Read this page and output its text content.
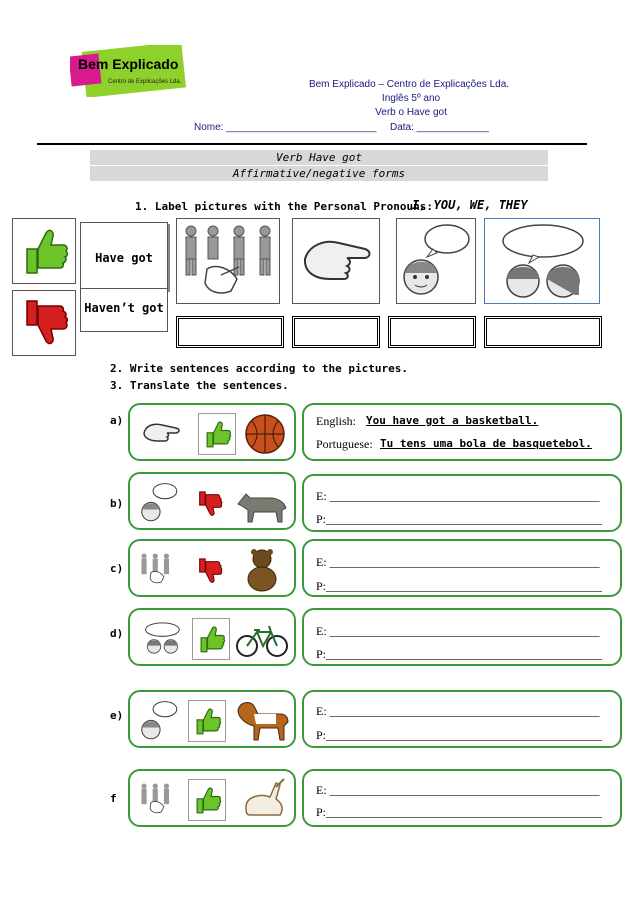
Bem Explicado
Centro de Explicações Lda.	Bem Explicado – Centro de Explicações Lda.
Inglês 5º ano
Verb o Have got
Nome: ___________________________ Data: _____________
Verb Have got
Affirmative/negative forms
1. Label pictures with the Personal Pronouns:
I, YOU, WE, THEY
Have got
Haven’t got
2. Write sentences according to the pictures.
3. Translate the sentences.
a)	English: You have got a basketball.
Portuguese: Tu tens uma bola de basquetebol.
b)
E: _____________________________________________
P:______________________________________________
c)	E: _____________________________________________
P:______________________________________________
d)	E: _____________________________________________
P:______________________________________________
e)	E: _____________________________________________
P:______________________________________________
f
E: _____________________________________________
P:______________________________________________
